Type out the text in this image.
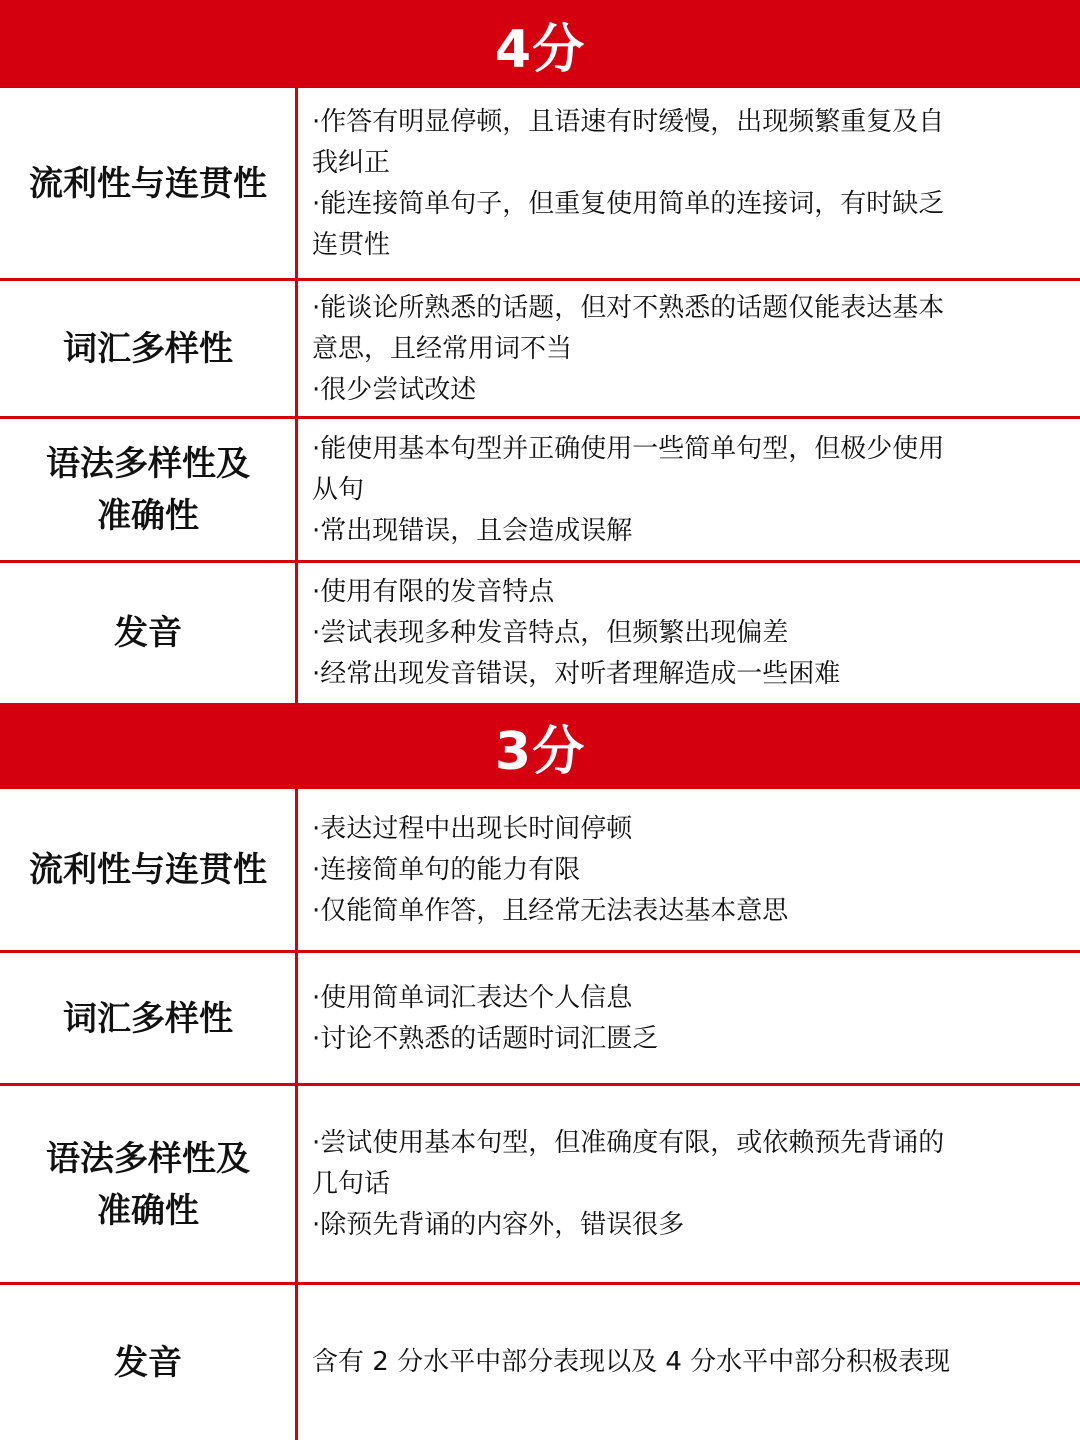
4分
流利性与连贯性
·作答有明显停顿，且语速有时缓慢，出现频繁重复及自
我纠正
·能连接简单句子，但重复使用简单的连接词，有时缺乏
连贯性
词汇多样性
·能谈论所熟悉的话题，但对不熟悉的话题仅能表达基本
意思，且经常用词不当
·很少尝试改述
语法多样性及
准确性
·能使用基本句型并正确使用一些简单句型，但极少使用
从句
·常出现错误，且会造成误解
发音
·使用有限的发音特点
·尝试表现多种发音特点，但频繁出现偏差
·经常出现发音错误，对听者理解造成一些困难
3分
流利性与连贯性
·表达过程中出现长时间停顿
·连接简单句的能力有限
·仅能简单作答，且经常无法表达基本意思
词汇多样性
·使用简单词汇表达个人信息
·讨论不熟悉的话题时词汇匮乏
语法多样性及
准确性
·尝试使用基本句型，但准确度有限，或依赖预先背诵的
几句话
·除预先背诵的内容外，错误很多
发音	含有 2 分水平中部分表现以及 4 分水平中部分积极表现
